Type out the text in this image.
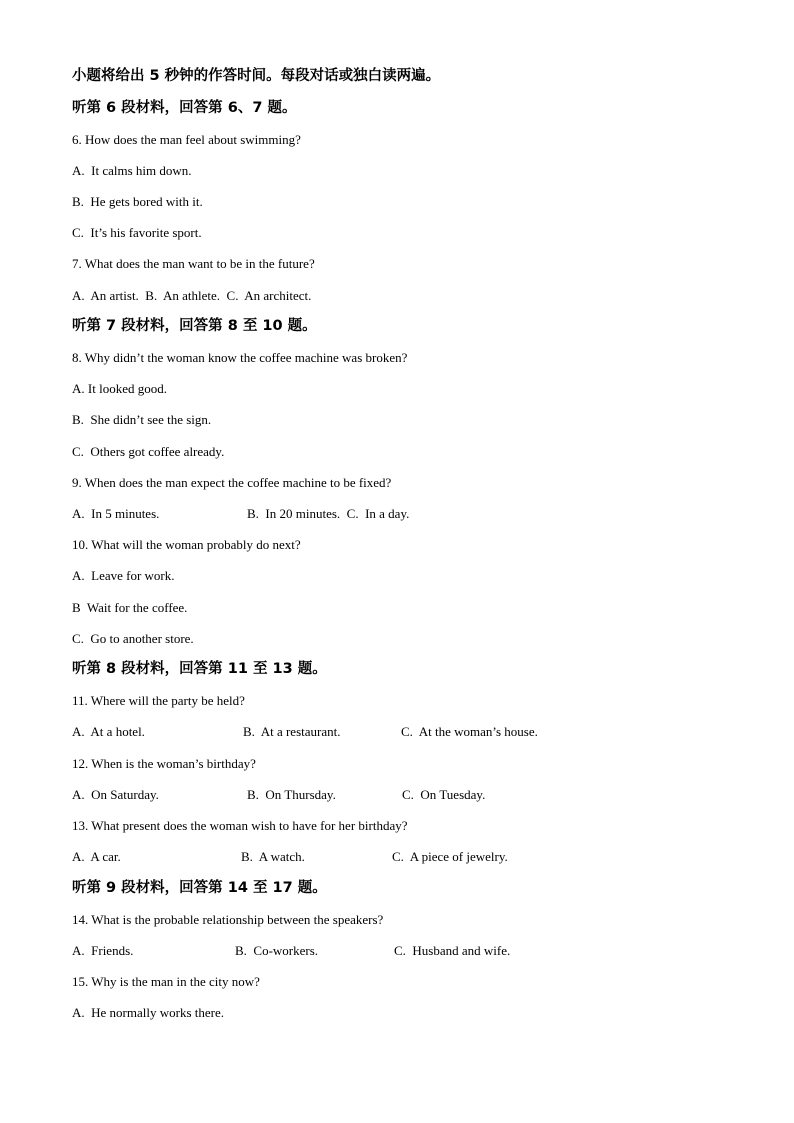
小题将给出 5 秒钟的作答时间。每段对话或独白读两遍。
听第 6 段材料，回答第 6、7 题。
6. How does the man feel about swimming?
A.  It calms him down.
B.  He gets bored with it.
C.  It’s his favorite sport.
7. What does the man want to be in the future?
A.  An artist.  B.  An athlete.  C.  An architect.
听第 7 段材料，回答第 8 至 10 题。
8. Why didn’t the woman know the coffee machine was broken?
A. It looked good.
B.  She didn’t see the sign.
C.  Others got coffee already.
9. When does the man expect the coffee machine to be fixed?
A.  In 5 minutes.	B.  In 20 minutes.  C.  In a day.
10. What will the woman probably do next?
A.  Leave for work.
B  Wait for the coffee.
C.  Go to another store.
听第 8 段材料，回答第 11 至 13 题。
11. Where will the party be held?
A.  At a hotel.	B.  At a restaurant.	C.  At the woman’s house.
12. When is the woman’s birthday?
A.  On Saturday.	B.  On Thursday.	C.  On Tuesday.
13. What present does the woman wish to have for her birthday?
A.  A car.	B.  A watch.	C.  A piece of jewelry.
听第 9 段材料，回答第 14 至 17 题。
14. What is the probable relationship between the speakers?
A.  Friends.	B.  Co-workers.	C.  Husband and wife.
15. Why is the man in the city now?
A.  He normally works there.
